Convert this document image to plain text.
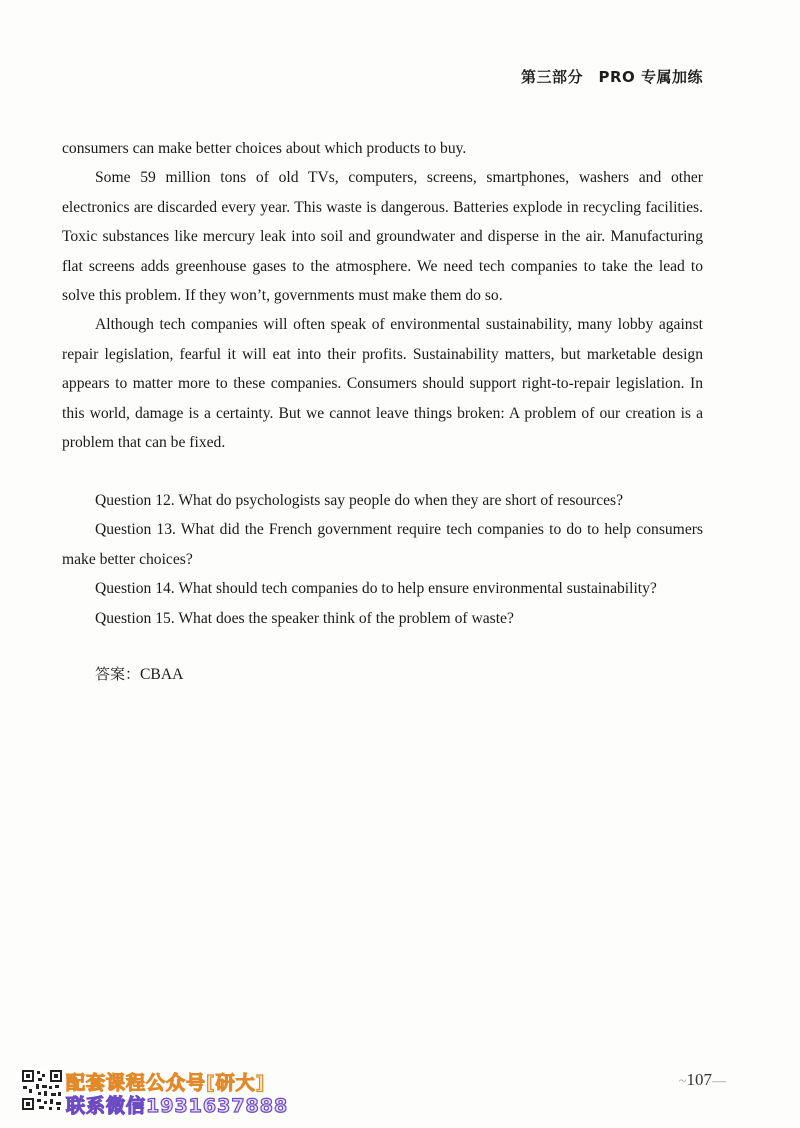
第三部分　PRO 专属加练

consumers can make better choices about which products to buy.

Some 59 million tons of old TVs, computers, screens, smartphones, washers and other electronics are discarded every year. This waste is dangerous. Batteries explode in recycling facilities. Toxic substances like mercury leak into soil and groundwater and disperse in the air. Manufacturing flat screens adds greenhouse gases to the atmosphere. We need tech companies to take the lead to solve this problem. If they won’t, governments must make them do so.

Although tech companies will often speak of environmental sustainability, many lobby against repair legislation, fearful it will eat into their profits. Sustainability matters, but marketable design appears to matter more to these companies. Consumers should support right-to-repair legislation. In this world, damage is a certainty. But we cannot leave things broken: A problem of our creation is a problem that can be fixed.

Question 12. What do psychologists say people do when they are short of resources?

Question 13. What did the French government require tech companies to do to help consumers make better choices?

Question 14. What should tech companies do to help ensure environmental sustainability?

Question 15. What does the speaker think of the problem of waste?

答案：CBAA
配套课程公众号[研大]
联系微信1931637888
~107—
